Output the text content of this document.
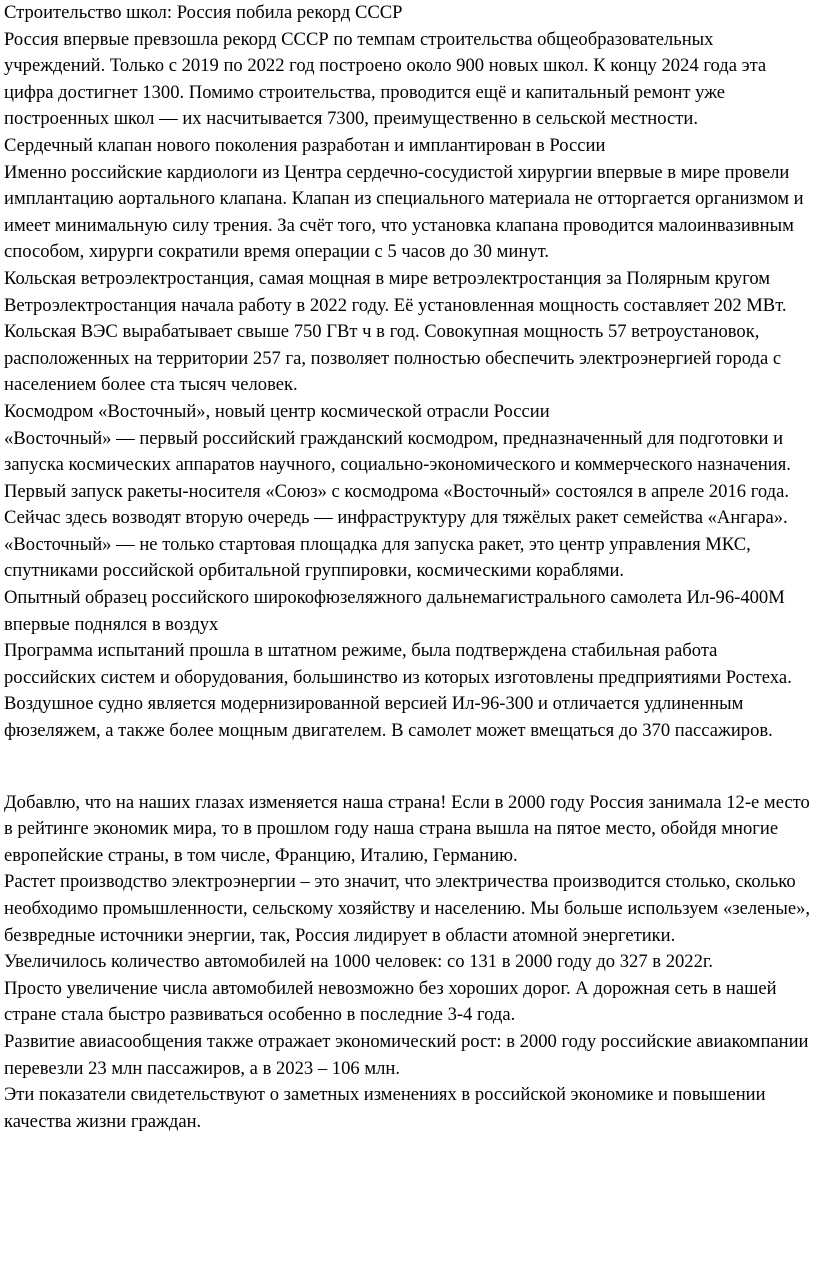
Строительство школ: Россия побила рекорд СССР

Россия впервые превзошла рекорд СССР по темпам строительства общеобразовательных учреждений. Только с 2019 по 2022 год построено около 900 новых школ. К концу 2024 года эта цифра достигнет 1300. Помимо строительства, проводится ещё и капитальный ремонт уже построенных школ — их насчитывается 7300, преимущественно в сельской местности.

Сердечный клапан нового поколения разработан и имплантирован в России

Именно российские кардиологи из Центра сердечно-сосудистой хирургии впервые в мире провели имплантацию аортального клапана. Клапан из специального материала не отторгается организмом и имеет минимальную силу трения. За счёт того, что установка клапана проводится малоинвазивным способом, хирурги сократили время операции с 5 часов до 30 минут.

Кольская ветроэлектростанция, самая мощная в мире ветроэлектростанция за Полярным кругом

Ветроэлектростанция начала работу в 2022 году. Её установленная мощность составляет 202 МВт. Кольская ВЭС вырабатывает свыше 750 ГВт ч в год. Совокупная мощность 57 ветроустановок, расположенных на территории 257 га, позволяет полностью обеспечить электроэнергией города с населением более ста тысяч человек.

Космодром «Восточный», новый центр космической отрасли России

«Восточный» — первый российский гражданский космодром, предназначенный для подготовки и запуска космических аппаратов научного, социально-экономического и коммерческого назначения. Первый запуск ракеты-носителя «Союз» с космодрома «Восточный» состоялся в апреле 2016 года. Сейчас здесь возводят вторую очередь — инфраструктуру для тяжёлых ракет семейства «Ангара». «Восточный» — не только стартовая площадка для запуска ракет, это центр управления МКС, спутниками российской орбитальной группировки, космическими кораблями.

Опытный образец российского широкофюзеляжного дальнемагистрального самолета Ил-96-400М впервые поднялся в воздух

Программа испытаний прошла в штатном режиме, была подтверждена стабильная работа российских систем и оборудования, большинство из которых изготовлены предприятиями Ростеха. Воздушное судно является модернизированной версией Ил-96-300 и отличается удлиненным фюзеляжем, а также более мощным двигателем. В самолет может вмещаться до 370 пассажиров.

Добавлю, что на наших глазах изменяется наша страна! Если в 2000 году Россия занимала 12-е место в рейтинге экономик мира, то в прошлом году наша страна вышла на пятое место, обойдя многие европейские страны, в том числе, Францию, Италию, Германию.

Растет производство электроэнергии – это значит, что электричества производится столько, сколько необходимо промышленности, сельскому хозяйству и населению. Мы больше используем «зеленые», безвредные источники энергии, так, Россия лидирует в области атомной энергетики.

Увеличилось количество автомобилей на 1000 человек: со 131 в 2000 году до 327 в 2022г.

Просто увеличение числа автомобилей невозможно без хороших дорог. А дорожная сеть в нашей стране стала быстро развиваться особенно в последние 3-4 года.

Развитие авиасообщения также отражает экономический рост: в 2000 году российские авиакомпании перевезли 23 млн пассажиров, а в 2023 – 106 млн.

Эти показатели свидетельствуют о заметных изменениях в российской экономике и повышении качества жизни граждан.
